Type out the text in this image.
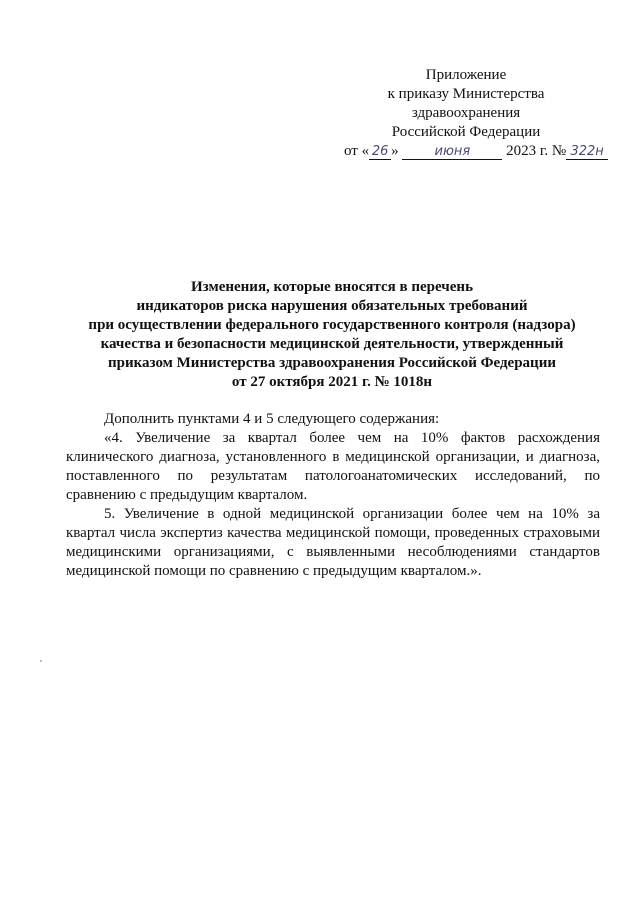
Приложение
к приказу Министерства
здравоохранения
Российской Федерации
от « 26 »	июня 2023 г. № 322н
Изменения, которые вносятся в перечень
индикаторов риска нарушения обязательных требований
при осуществлении федерального государственного контроля (надзора)
качества и безопасности медицинской деятельности, утвержденный
приказом Министерства здравоохранения Российской Федерации
от 27 октября 2021 г. № 1018н

Дополнить пунктами 4 и 5 следующего содержания:

«4. Увеличение за квартал более чем на 10% фактов расхождения клинического диагноза, установленного в медицинской организации, и диагноза, поставленного по результатам патологоанатомических исследований, по сравнению с предыдущим кварталом.

5. Увеличение в одной медицинской организации более чем на 10% за квартал числа экспертиз качества медицинской помощи, проведенных страховыми медицинскими организациями, с выявленными несоблюдениями стандартов медицинской помощи по сравнению с предыдущим кварталом.».
